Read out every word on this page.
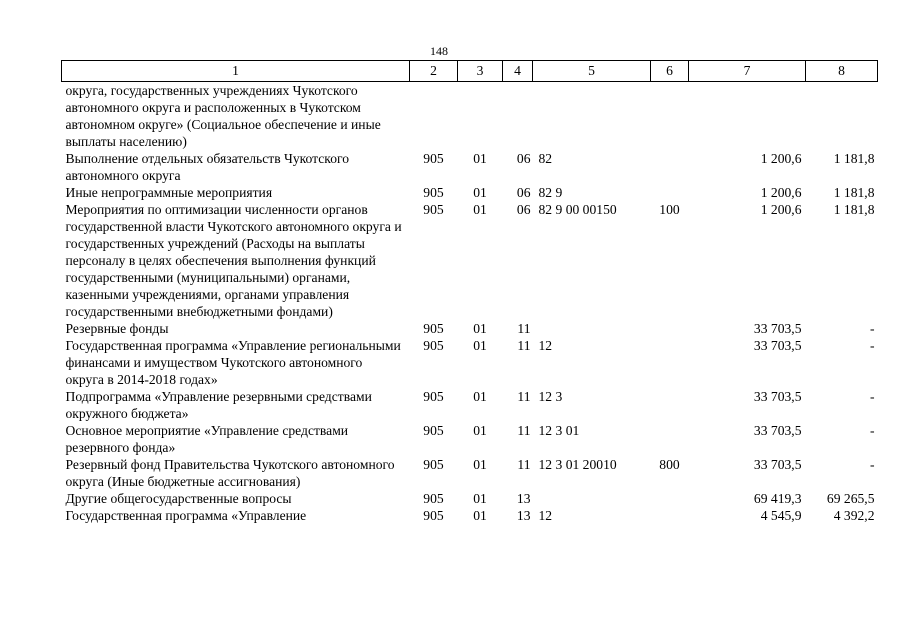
148
1	2	3	4	5	6	7	8
округа, государственных учреждениях Чукотского автономного округа и расположенных в Чукотском автономном округе» (Социальное обеспечение и иные выплаты населению)							
Выполнение отдельных обязательств Чукотского автономного округа	905	01	06	82		1 200,6	1 181,8
Иные непрограммные мероприятия	905	01	06	82 9		1 200,6	1 181,8
Мероприятия по оптимизации численности органов государственной власти Чукотского автономного округа и государственных учреждений (Расходы на выплаты персоналу в целях обеспечения выполнения функций государственными (муниципальными) органами, казенными учреждениями, органами управления государственными внебюджетными фондами)	905	01	06	82 9 00 00150	100	1 200,6	1 181,8
Резервные фонды	905	01	11			33 703,5	-
Государственная программа «Управление региональными финансами и имуществом Чукотского автономного округа в 2014-2018 годах»	905	01	11	12		33 703,5	-
Подпрограмма «Управление резервными средствами окружного бюджета»	905	01	11	12 3		33 703,5	-
Основное мероприятие «Управление средствами резервного фонда»	905	01	11	12 3 01		33 703,5	-
Резервный фонд Правительства Чукотского автономного округа (Иные бюджетные ассигнования)	905	01	11	12 3 01 20010	800	33 703,5	-
Другие общегосударственные вопросы	905	01	13			69 419,3	69 265,5
Государственная программа «Управление	905	01	13	12		4 545,9	4 392,2
